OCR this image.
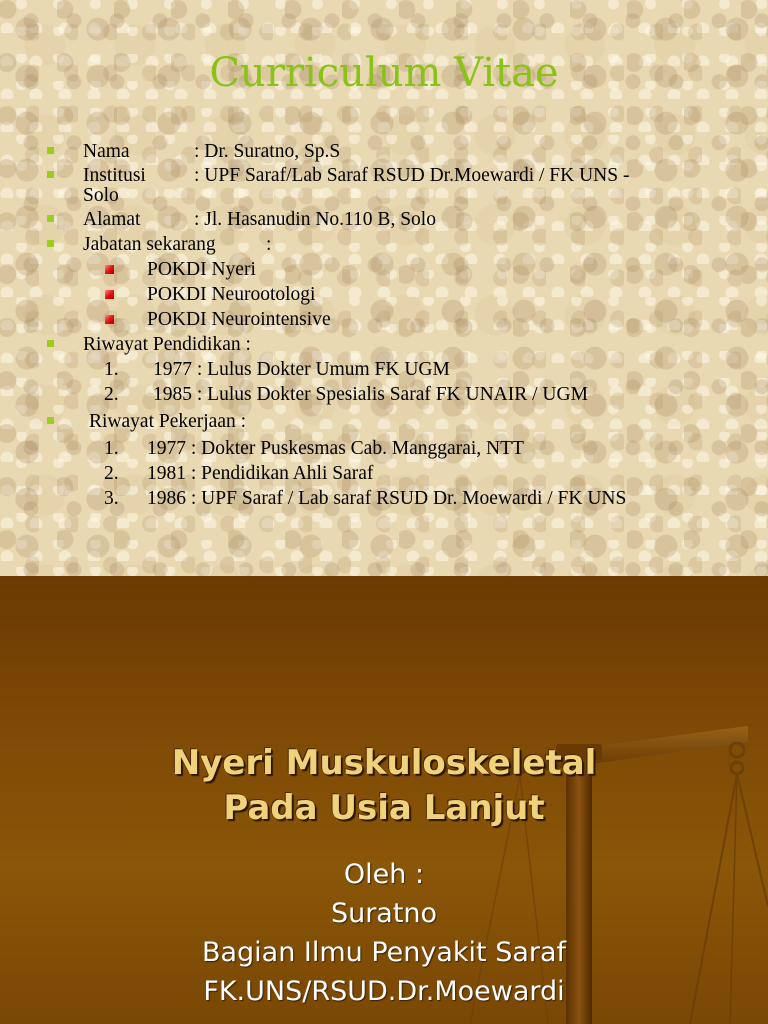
Curriculum Vitae
Nama	: Dr. Suratno, Sp.S
Institusi : UPF Saraf/Lab Saraf RSUD Dr.Moewardi / FK UNS -
Solo
Alamat	: Jl. Hasanudin No.110 B, Solo
Jabatan sekarang	:
POKDI Nyeri
POKDI Neurootologi
POKDI Neurointensive
Riwayat Pendidikan :
1. 1977 : Lulus Dokter Umum FK UGM
2. 1985 : Lulus Dokter Spesialis Saraf FK UNAIR / UGM
Riwayat Pekerjaan :
1. 1977 : Dokter Puskesmas Cab. Manggarai, NTT
2. 1981 : Pendidikan Ahli Saraf
3. 1986 : UPF Saraf / Lab saraf RSUD Dr. Moewardi / FK UNS
Nyeri Muskuloskeletal
Pada Usia Lanjut
Oleh :
Suratno
Bagian Ilmu Penyakit Saraf
FK.UNS/RSUD.Dr.Moewardi
